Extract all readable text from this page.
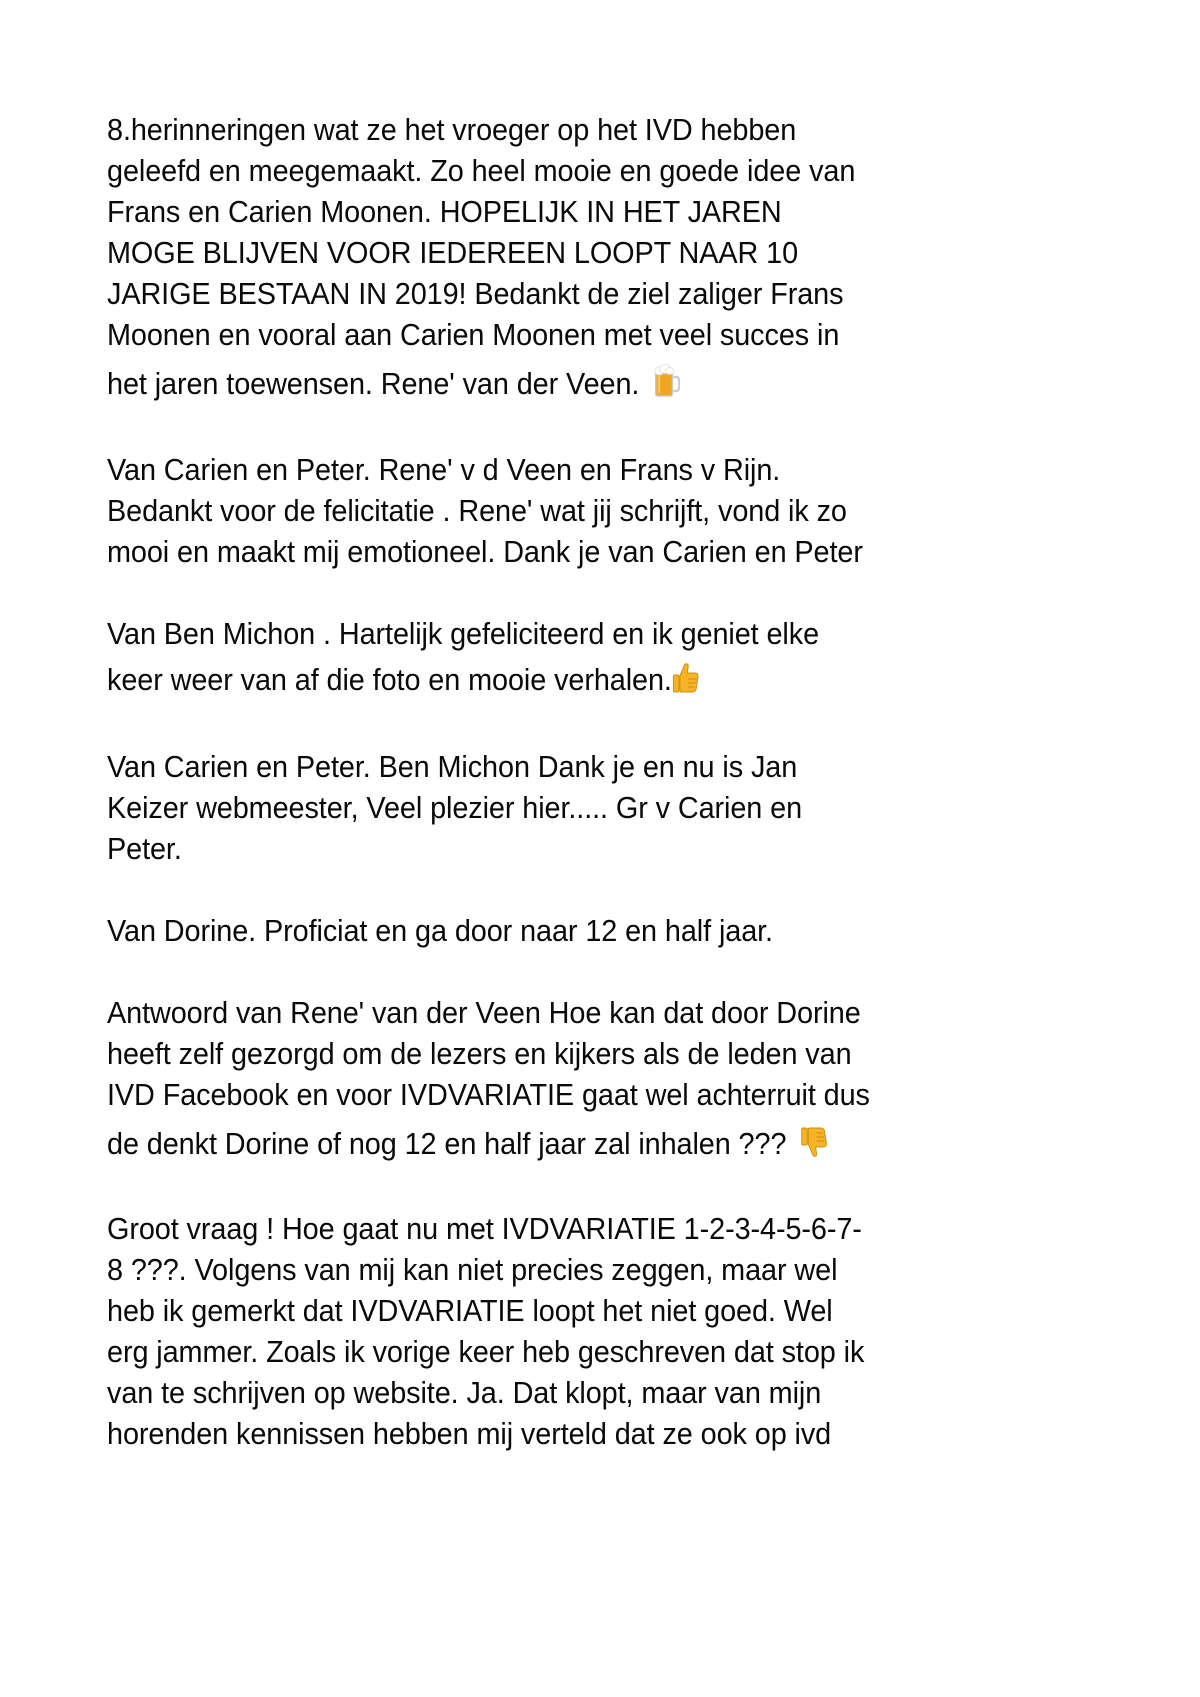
8.herinneringen wat ze het vroeger op het IVD hebben
geleefd en meegemaakt. Zo heel mooie en goede idee van
Frans en Carien Moonen. HOPELIJK IN HET JAREN
MOGE BLIJVEN VOOR IEDEREEN LOOPT NAAR 10
JARIGE BESTAAN IN 2019! Bedankt de ziel zaliger Frans
Moonen en vooral aan Carien Moonen met veel succes in
het jaren toewensen. Rene' van der Veen.
Van Carien en Peter. Rene' v d Veen en Frans v Rijn.
Bedankt voor de felicitatie . Rene' wat jij schrijft, vond ik zo
mooi en maakt mij emotioneel. Dank je van Carien en Peter
Van Ben Michon . Hartelijk gefeliciteerd en ik geniet elke
keer weer van af die foto en mooie verhalen.
Van Carien en Peter. Ben Michon Dank je en nu is Jan
Keizer webmeester, Veel plezier hier..... Gr v Carien en
Peter.
Van Dorine. Proficiat en ga door naar 12 en half jaar.
Antwoord van Rene' van der Veen Hoe kan dat door Dorine
heeft zelf gezorgd om de lezers en kijkers als de leden van
IVD Facebook en voor IVDVARIATIE gaat wel achterruit dus
de denkt Dorine of nog 12 en half jaar zal inhalen ???
Groot vraag ! Hoe gaat nu met IVDVARIATIE 1-2-3-4-5-6-7-
8 ???. Volgens van mij kan niet precies zeggen, maar wel
heb ik gemerkt dat IVDVARIATIE loopt het niet goed. Wel
erg jammer. Zoals ik vorige keer heb geschreven dat stop ik
van te schrijven op website. Ja. Dat klopt, maar van mijn
horenden kennissen hebben mij verteld dat ze ook op ivd
